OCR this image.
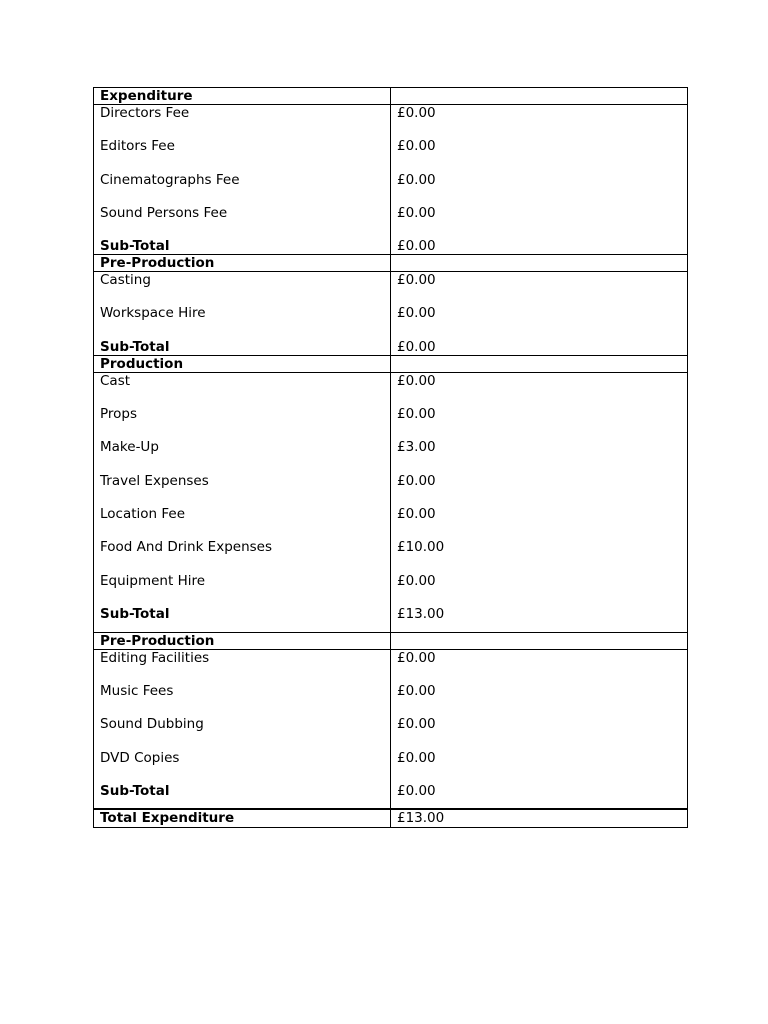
Expenditure
Directors Fee	£0.00
Editors Fee	£0.00
Cinematographs Fee	£0.00
Sound Persons Fee	£0.00
Sub-Total	£0.00
Pre-Production
Casting	£0.00
Workspace Hire	£0.00
Sub-Total	£0.00
Production
Cast	£0.00
Props	£0.00
Make-Up	£3.00
Travel Expenses	£0.00
Location Fee	£0.00
Food And Drink Expenses	£10.00
Equipment Hire	£0.00
Sub-Total	£13.00
Pre-Production
Editing Facilities	£0.00
Music Fees	£0.00
Sound Dubbing	£0.00
DVD Copies	£0.00
Sub-Total	£0.00
Total Expenditure	£13.00
